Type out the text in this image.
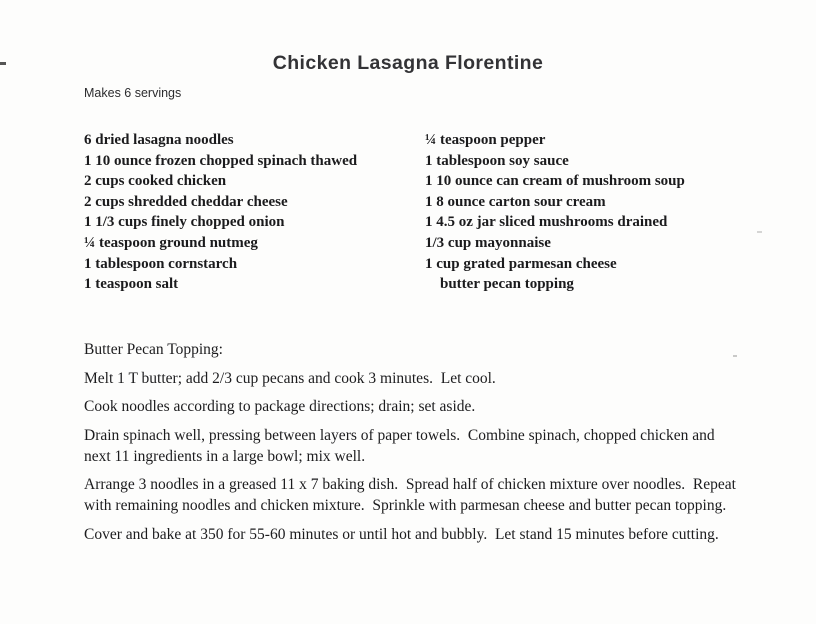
Chicken Lasagna Florentine
Makes 6 servings
6 dried lasagna noodles
1 10 ounce frozen chopped spinach thawed
2 cups cooked chicken
2 cups shredded cheddar cheese
1 1/3 cups finely chopped onion
¼ teaspoon ground nutmeg
1 tablespoon cornstarch
1 teaspoon salt
¼ teaspoon pepper
1 tablespoon soy sauce
1 10 ounce can cream of mushroom soup
1 8 ounce carton sour cream
1 4.5 oz jar sliced mushrooms drained
1/3 cup mayonnaise
1 cup grated parmesan cheese
butter pecan topping

Butter Pecan Topping:

Melt 1 T butter; add 2/3 cup pecans and cook 3 minutes.  Let cool.

Cook noodles according to package directions; drain; set aside.

Drain spinach well, pressing between layers of paper towels.  Combine spinach, chopped chicken and next 11 ingredients in a large bowl; mix well.

Arrange 3 noodles in a greased 11 x 7 baking dish.  Spread half of chicken mixture over noodles.  Repeat with remaining noodles and chicken mixture.  Sprinkle with parmesan cheese and butter pecan topping.

Cover and bake at 350 for 55-60 minutes or until hot and bubbly.  Let stand 15 minutes before cutting.
